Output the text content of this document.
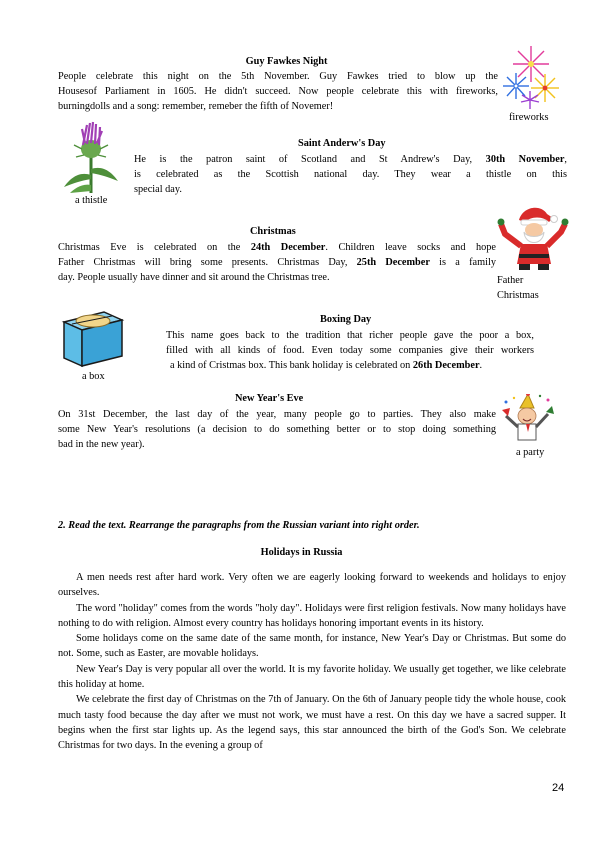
Guy Fawkes Night
People celebrate this night on the 5th November. Guy Fawkes tried to blow up the
Housesof Parliament in 1605. He didn't succeed. Now people celebrate this with fireworks,
burningdolls and a song: remember, remeber the fifth of Novemer!
fireworks
a thistle
Saint Anderw's Day
He is the patron saint of Scotland and St Andrew's Day, 30th November,
is celebrated as the Scottish national day. They wear a thistle on this
special day.
Christmas
Christmas Eve is celebrated on the 24th December. Children leave socks and hope
Father Christmas will bring some presents. Christmas Day, 25th December is a family
day. People usually have dinner and sit around the Christmas tree.	Father
Christmas
a box
Boxing Day
This name goes back to the tradition that richer people gave the poor a box,
filled with all kinds of food. Even today some companies give their workers
a kind of Cristmas box. This bank holiday is celebrated on 26th December.
New Year's Eve
On 31st December, the last day of the year, many people go to parties. They also make
some New Year's resolutions (a decision to do something better or to stop doing something
bad in the new year).
a party
2. Read the text. Rearrange the paragraphs from the Russian variant into right order.
Holidays in Russia

A men needs rest after hard work. Very often we are eagerly looking forward to weekends and holidays to enjoy ourselves.

The word "holiday" comes from the words "holy day". Holidays were first religion festivals. Now many holidays have nothing to do with religion. Almost every country has holidays honoring important events in its history.

Some holidays come on the same date of the same month, for instance, New Year's Day or Christmas. But some do not. Some, such as Easter, are movable holidays.

New Year's Day is very popular all over the world. It is my favorite holiday. We usually get together, we like celebrate this holiday at home.

We celebrate the first day of Christmas on the 7th of January. On the 6th of January people tidy the whole house, cook much tasty food because the day after we must not work, we must have a rest. On this day we have a sacred supper. It begins when the first star lights up. As the legend says, this star announced the birth of the God's Son. We celebrate Christmas for two days. In the evening a group of

24
